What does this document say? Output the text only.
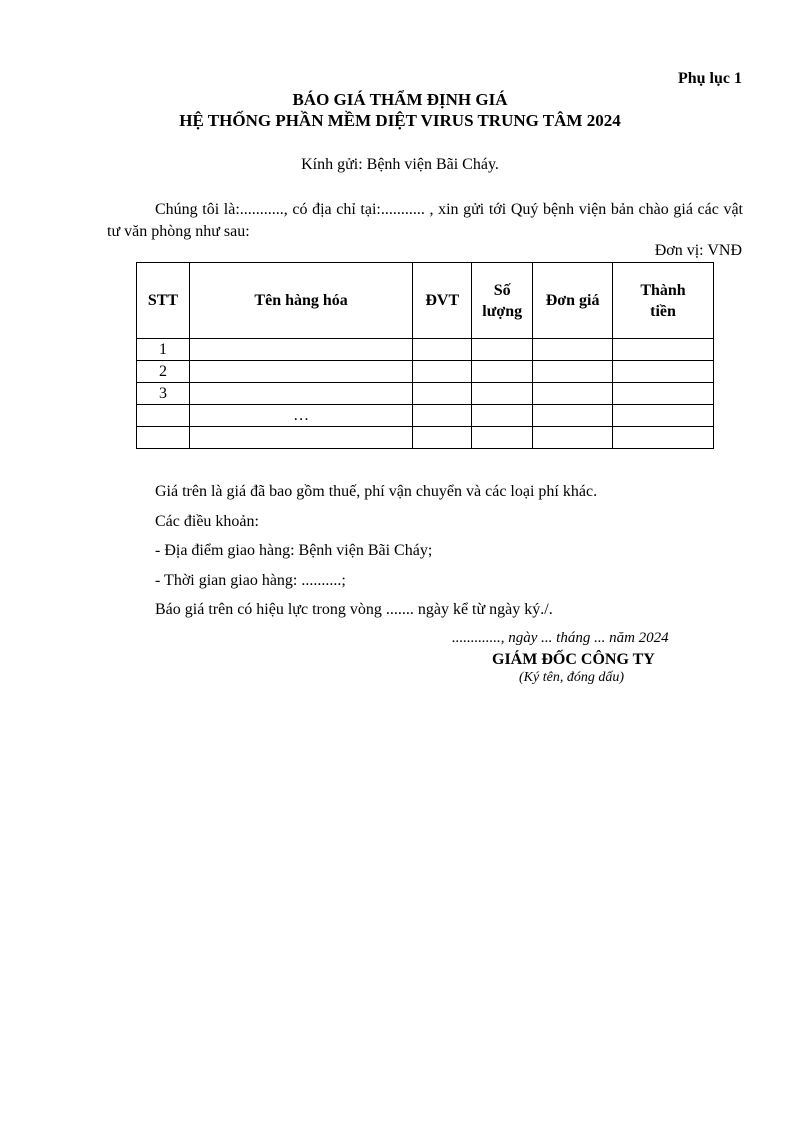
Phụ lục 1
BÁO GIÁ THẨM ĐỊNH GIÁ
HỆ THỐNG PHẦN MỀM DIỆT VIRUS TRUNG TÂM 2024
Kính gửi: Bệnh viện Bãi Cháy.
Chúng tôi là:..........., có địa chỉ tại:........... , xin gửi tới Quý bệnh viện bản chào giá các vật tư văn phòng như sau:
Đơn vị: VNĐ
STT	Tên hàng hóa	ĐVT	Số lượng	Đơn giá	Thành tiền
1					
2					
3					
	…				

Giá trên là giá đã bao gồm thuế, phí vận chuyển và các loại phí khác.
Các điều khoản:
- Địa điểm giao hàng: Bệnh viện Bãi Cháy;
- Thời gian giao hàng: ..........;
Báo giá trên có hiệu lực trong vòng ....... ngày kể từ ngày ký./.
............., ngày ... tháng ... năm 2024
GIÁM ĐỐC CÔNG TY
(Ký tên, đóng dấu)
